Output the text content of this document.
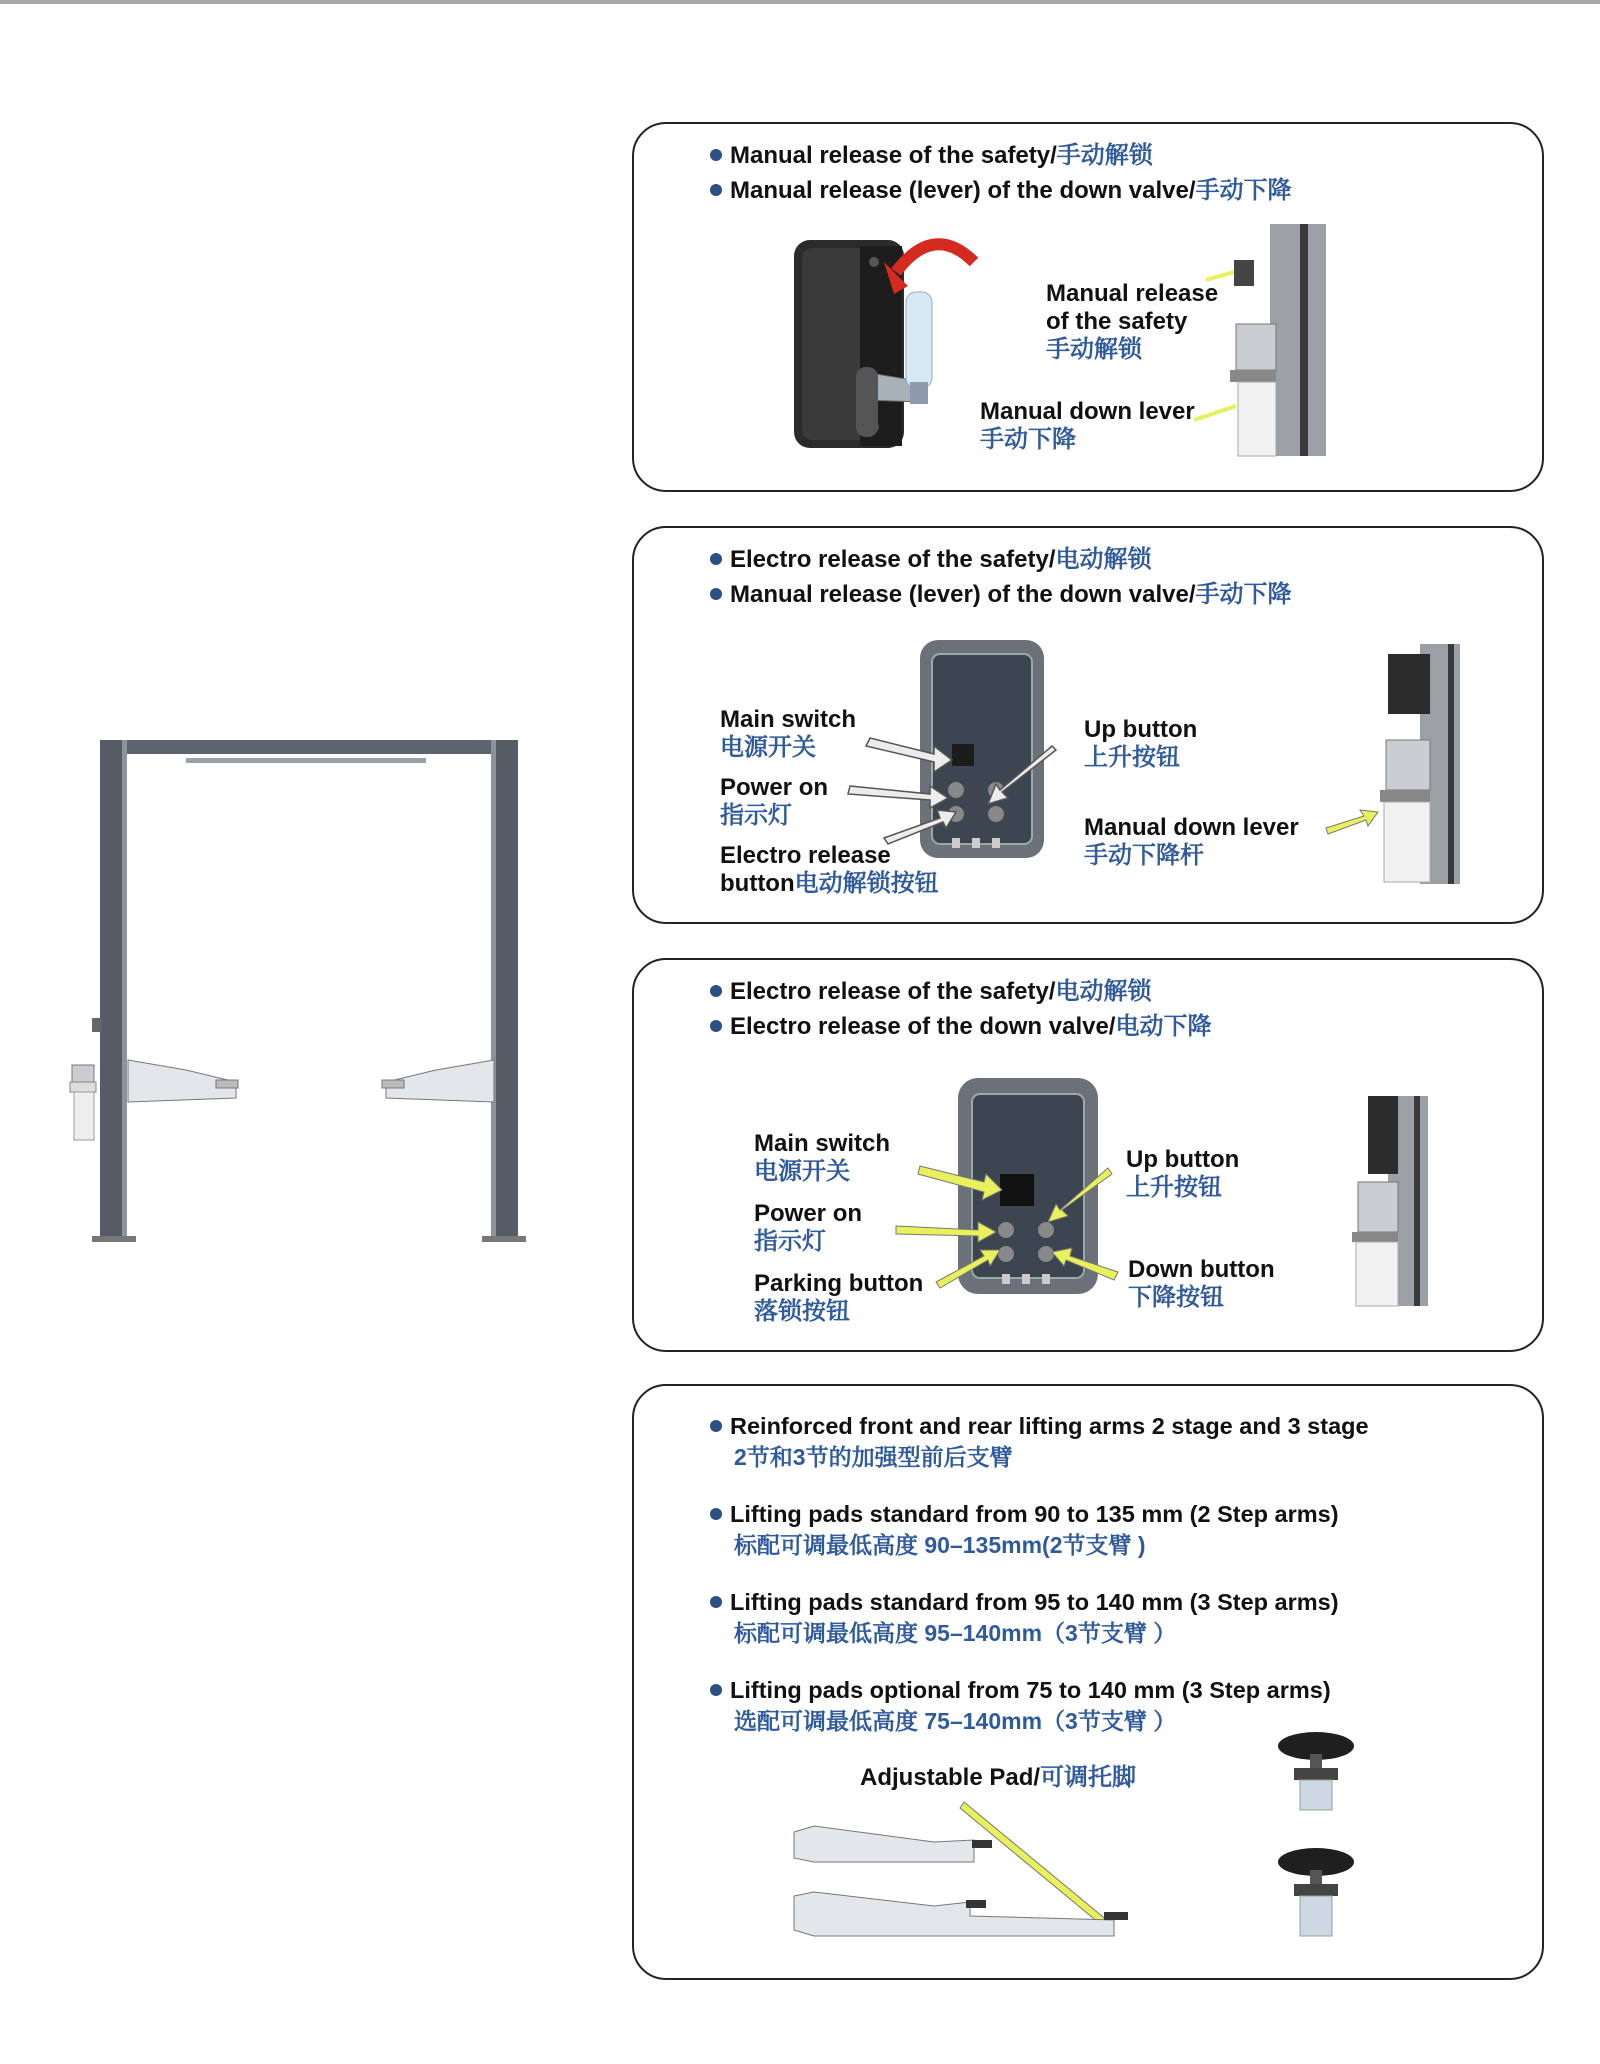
Manual release of the safety/手动解锁
Manual release (lever) of the down valve/手动下降
Manual release
of the safety
手动解锁
Manual down lever
手动下降
Electro release of the safety/电动解锁
Manual release (lever) of the down valve/手动下降
Main switch
电源开关
Power on
指示灯
Electro release
button电动解锁按钮
Up button
上升按钮
Manual down lever
手动下降杆
Electro release of the safety/电动解锁
Electro release of the down valve/电动下降
Main switch
电源开关
Power on
指示灯
Parking button
落锁按钮
Up button
上升按钮
Down button
下降按钮
Reinforced front and rear lifting arms 2 stage and 3 stage
2节和3节的加强型前后支臂
Lifting pads standard from 90 to 135 mm (2 Step arms)
标配可调最低高度 90–135mm(2节支臂 )
Lifting pads standard from 95 to 140 mm (3 Step arms)
标配可调最低高度 95–140mm（3节支臂 ）
Lifting pads optional from 75 to 140 mm (3 Step arms)
选配可调最低高度 75–140mm（3节支臂 ）
Adjustable Pad/可调托脚
